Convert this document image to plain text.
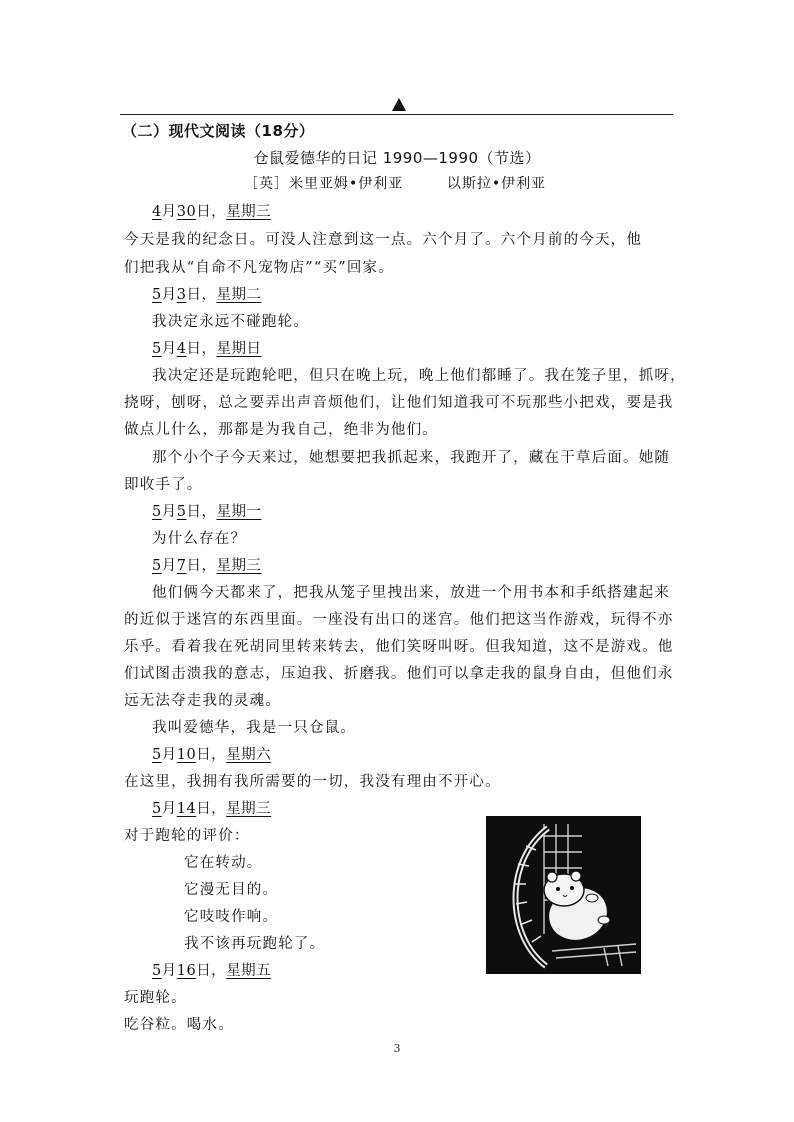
（二）现代文阅读（18分）
仓鼠爱德华的日记 1990—1990（节选）
［英］米里亚姆•伊利亚        以斯拉•伊利亚
4月30日，星期三
今天是我的纪念日。可没人注意到这一点。六个月了。六个月前的今天，他
们把我从“自命不凡宠物店”“买”回家。
5月3日，星期二
我决定永远不碰跑轮。
5月4日，星期日
我决定还是玩跑轮吧，但只在晚上玩，晚上他们都睡了。我在笼子里，抓呀，
挠呀，刨呀，总之要弄出声音烦他们，让他们知道我可不玩那些小把戏，要是我
做点儿什么，那都是为我自己，绝非为他们。
那个小个子今天来过，她想要把我抓起来，我跑开了，藏在干草后面。她随
即收手了。
5月5日，星期一
为什么存在？
5月7日，星期三
他们俩今天都来了，把我从笼子里拽出来，放进一个用书本和手纸搭建起来
的近似于迷宫的东西里面。一座没有出口的迷宫。他们把这当作游戏，玩得不亦
乐乎。看着我在死胡同里转来转去，他们笑呀叫呀。但我知道，这不是游戏。他
们试图击溃我的意志，压迫我、折磨我。他们可以拿走我的鼠身自由，但他们永
远无法夺走我的灵魂。
我叫爱德华，我是一只仓鼠。
5月10日，星期六
在这里，我拥有我所需要的一切，我没有理由不开心。
5月14日，星期三
对于跑轮的评价：
它在转动。
它漫无目的。
它吱吱作响。
我不该再玩跑轮了。
5月16日，星期五
玩跑轮。
吃谷粒。喝水。
3
